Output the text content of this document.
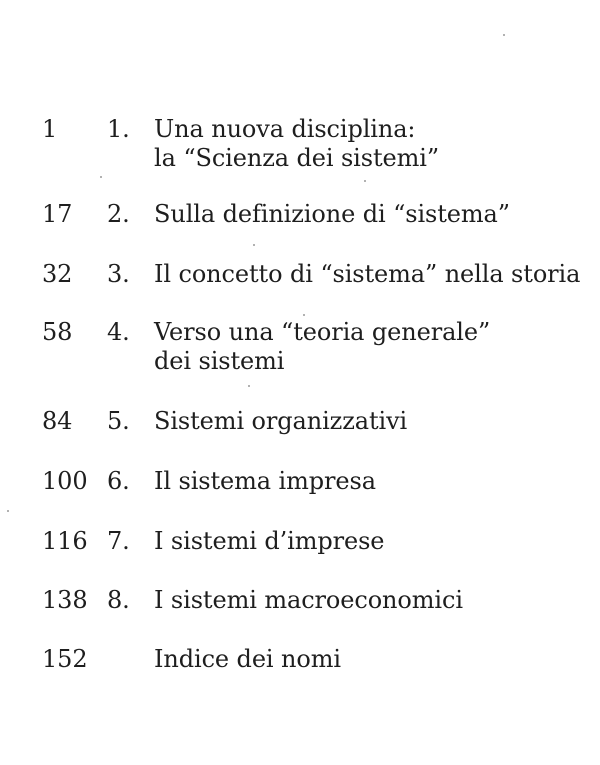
1 1. Una nuova disciplina:
la “Scienza dei sistemi”
17 2. Sulla definizione di “sistema”
32 3. Il concetto di “sistema” nella storia
58 4. Verso una “teoria generale”
dei sistemi
84 5. Sistemi organizzativi
100 6. Il sistema impresa
116 7. I sistemi d’imprese
138 8. I sistemi macroeconomici
152	Indice dei nomi
